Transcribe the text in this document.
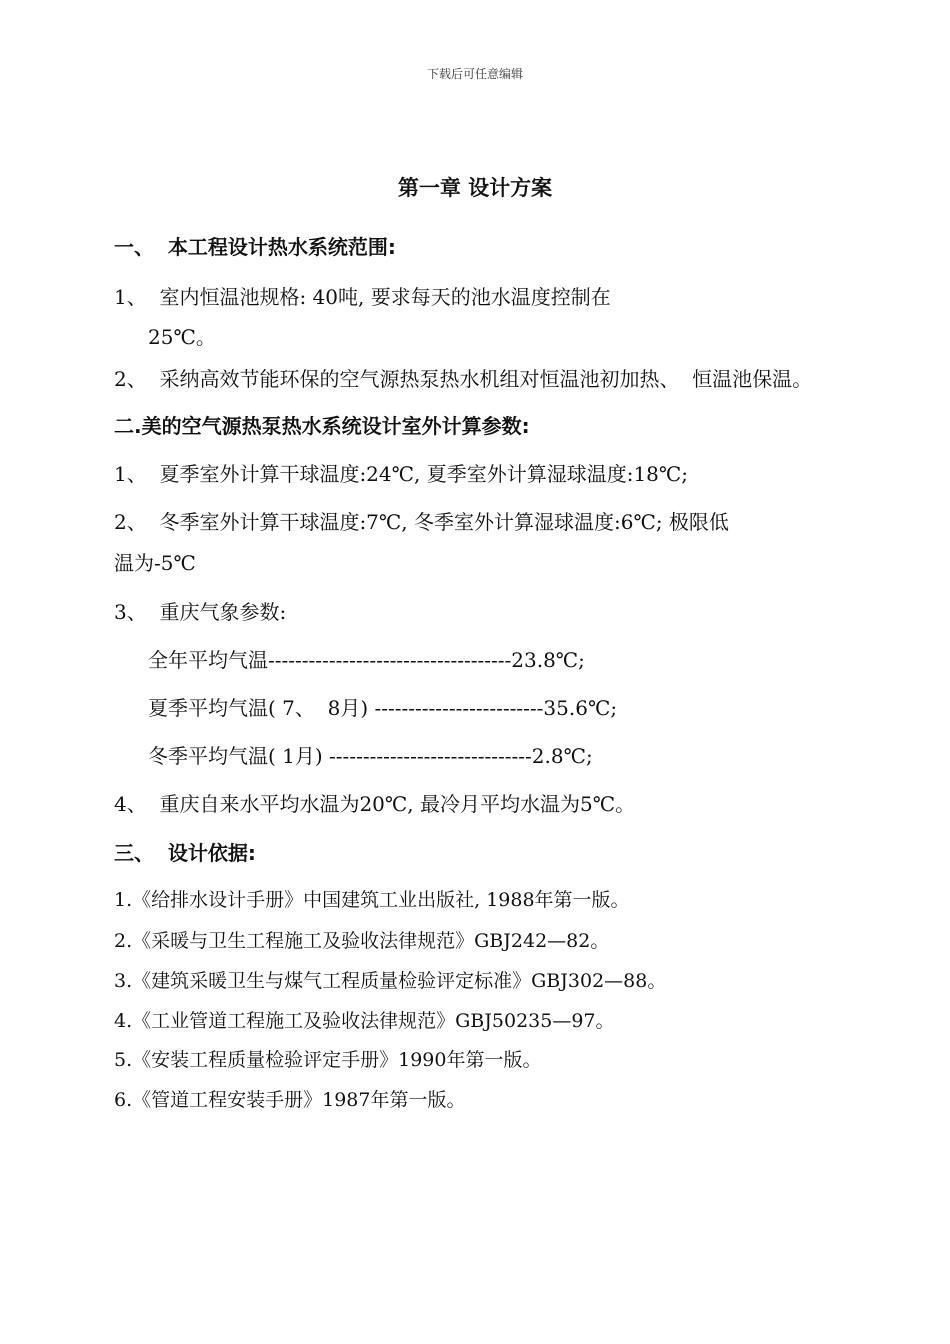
下载后可任意编辑

第一章 设计方案

一、  本工程设计热水系统范围:

1、  室内恒温池规格: 40吨, 要求每天的池水温度控制在

25℃。

2、  采纳高效节能环保的空气源热泵热水机组对恒温池初加热、  恒温池保温。

二.美的空气源热泵热水系统设计室外计算参数:

1、  夏季室外计算干球温度:24℃, 夏季室外计算湿球温度:18℃;

2、  冬季室外计算干球温度:7℃, 冬季室外计算湿球温度:6℃; 极限低

温为-5℃

3、  重庆气象参数:

全年平均气温------------------------------------23.8℃;

夏季平均气温( 7、  8月) -------------------------35.6℃;

冬季平均气温( 1月) ------------------------------2.8℃;

4、  重庆自来水平均水温为20℃, 最冷月平均水温为5℃。

三、  设计依据:

1.《给排水设计手册》中国建筑工业出版社, 1988年第一版。

2.《采暖与卫生工程施工及验收法律规范》GBJ242—82。

3.《建筑采暖卫生与煤气工程质量检验评定标准》GBJ302—88。

4.《工业管道工程施工及验收法律规范》GBJ50235—97。

5.《安装工程质量检验评定手册》1990年第一版。

6.《管道工程安装手册》1987年第一版。
